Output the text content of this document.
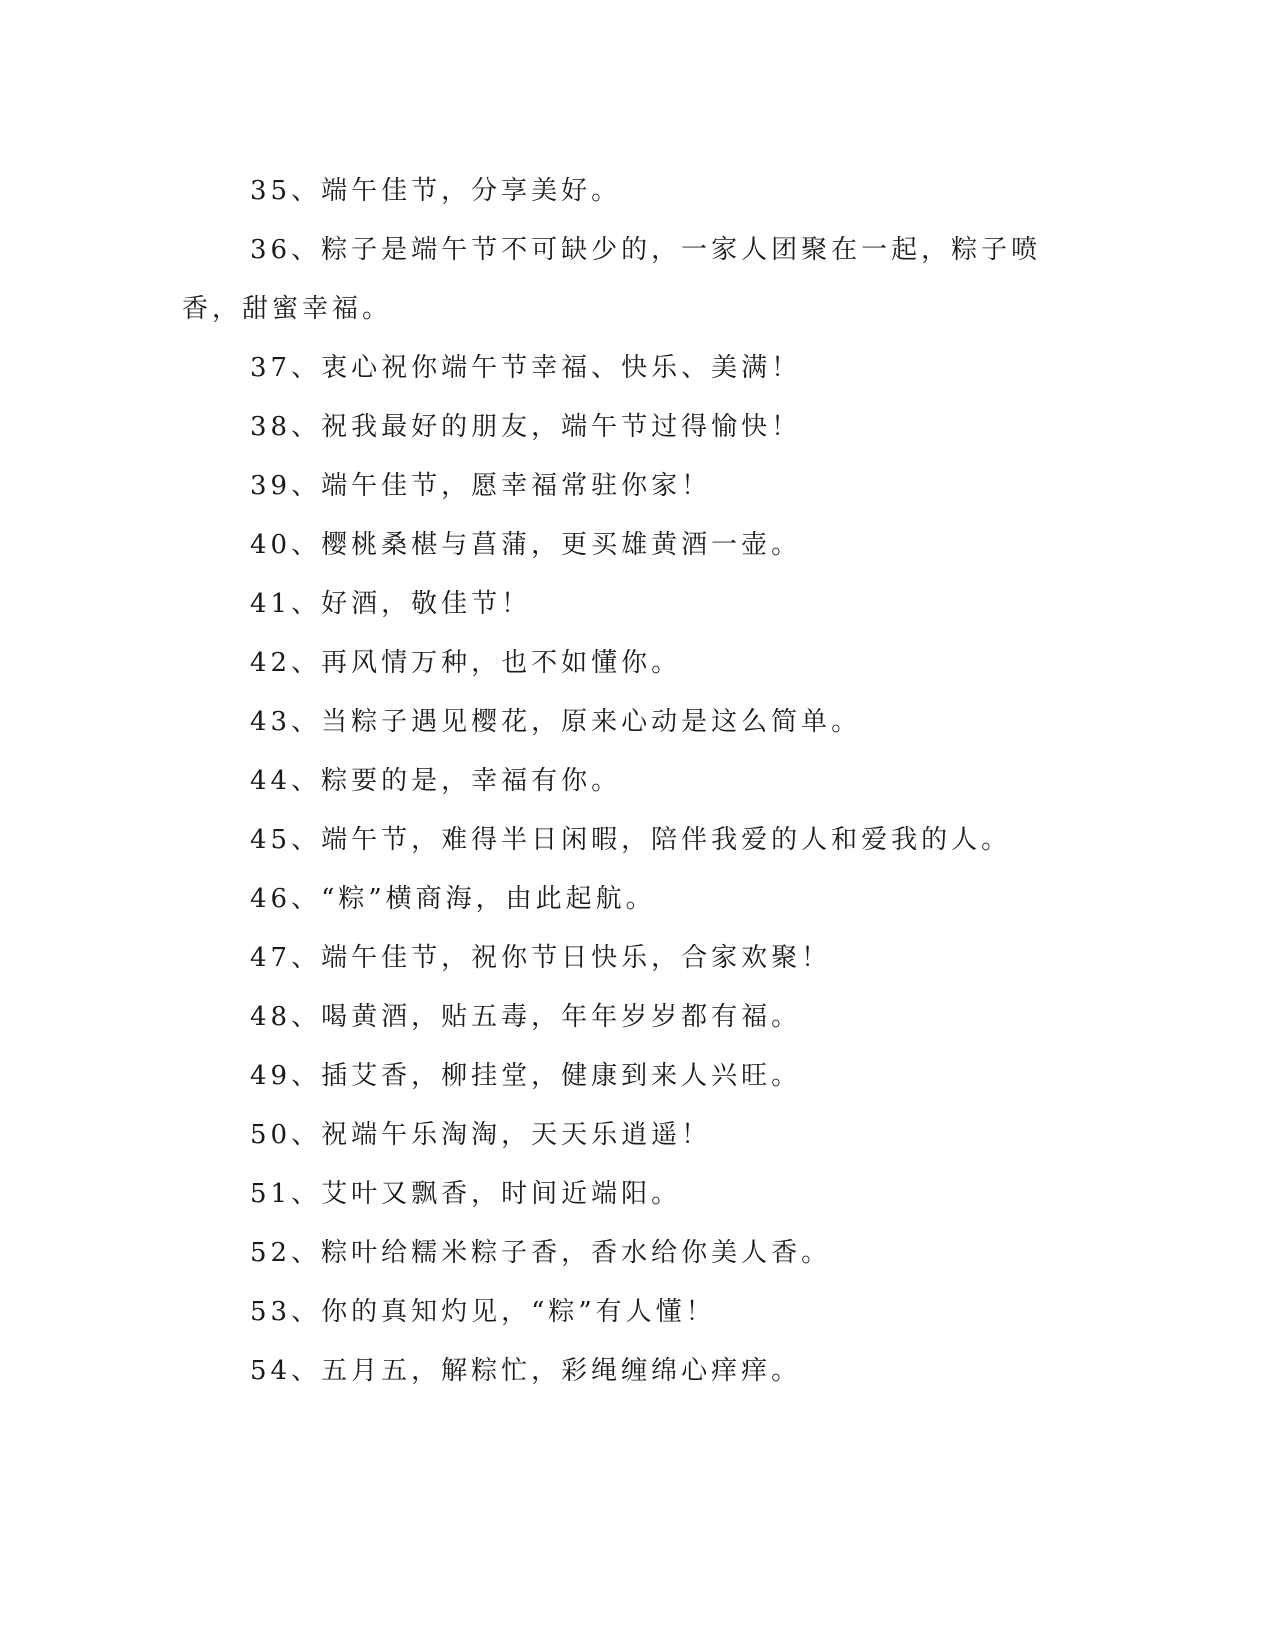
35、端午佳节，分享美好。

36、粽子是端午节不可缺少的，一家人团聚在一起，粽子喷香，甜蜜幸福。

37、衷心祝你端午节幸福、快乐、美满！

38、祝我最好的朋友，端午节过得愉快！

39、端午佳节，愿幸福常驻你家！

40、樱桃桑椹与菖蒲，更买雄黄酒一壶。

41、好酒，敬佳节！

42、再风情万种，也不如懂你。

43、当粽子遇见樱花，原来心动是这么简单。

44、粽要的是，幸福有你。

45、端午节，难得半日闲暇，陪伴我爱的人和爱我的人。

46、“粽”横商海，由此起航。

47、端午佳节，祝你节日快乐，合家欢聚！

48、喝黄酒，贴五毒，年年岁岁都有福。

49、插艾香，柳挂堂，健康到来人兴旺。

50、祝端午乐淘淘，天天乐逍遥！

51、艾叶又飘香，时间近端阳。

52、粽叶给糯米粽子香，香水给你美人香。

53、你的真知灼见，“粽”有人懂！

54、五月五，解粽忙，彩绳缠绵心痒痒。
